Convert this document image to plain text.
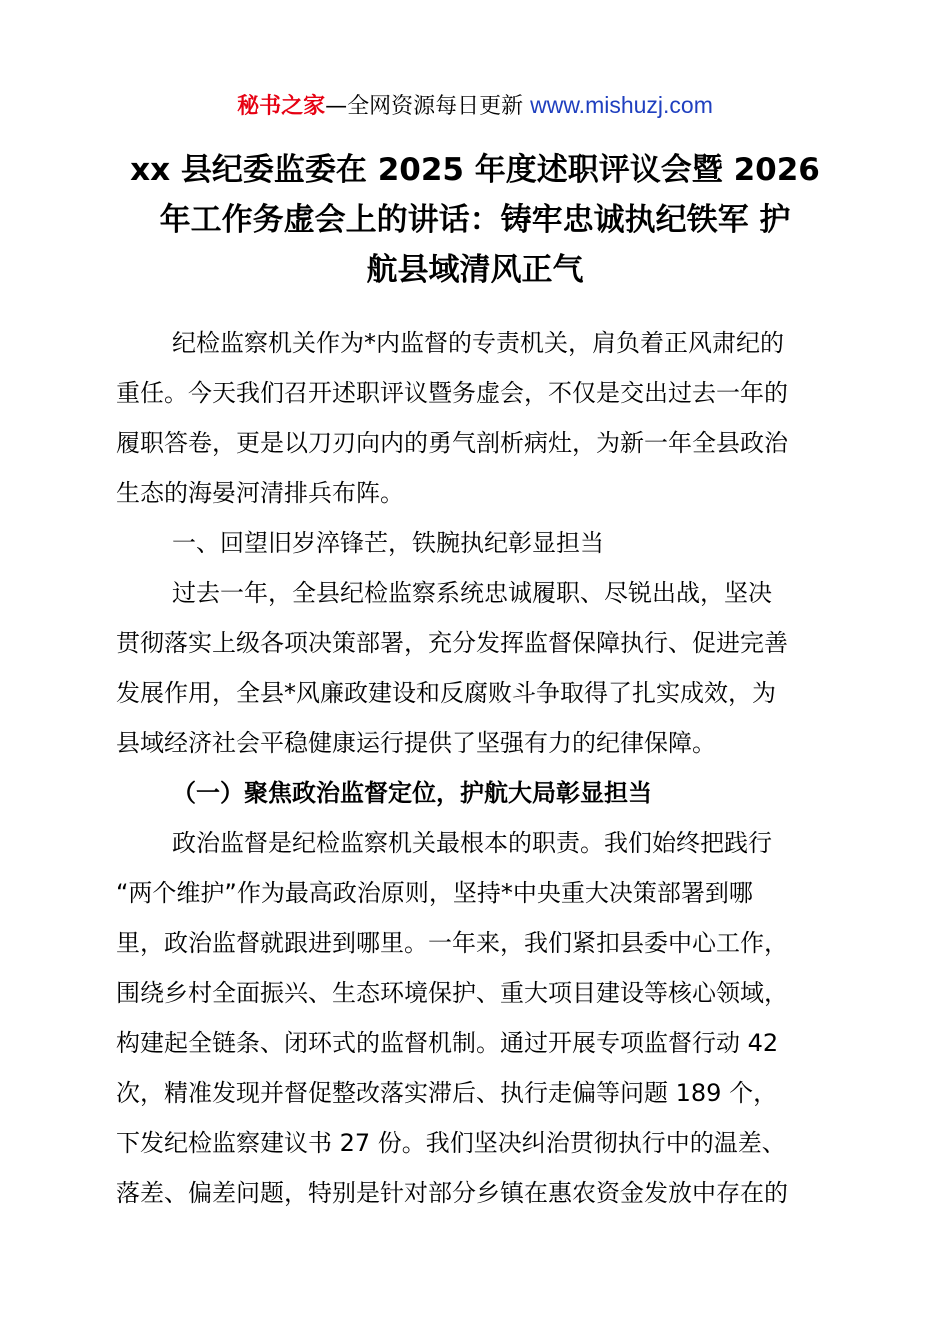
秘书之家—全网资源每日更新 www.mishuzj.com
xx 县纪委监委在 2025 年度述职评议会暨 2026
年工作务虚会上的讲话：铸牢忠诚执纪铁军 护
航县域清风正气

纪检监察机关作为*内监督的专责机关，肩负着正风肃纪的
重任。今天我们召开述职评议暨务虚会，不仅是交出过去一年的
履职答卷，更是以刀刃向内的勇气剖析病灶，为新一年全县政治
生态的海晏河清排兵布阵。

一、回望旧岁淬锋芒，铁腕执纪彰显担当

过去一年，全县纪检监察系统忠诚履职、尽锐出战，坚决
贯彻落实上级各项决策部署，充分发挥监督保障执行、促进完善
发展作用，全县*风廉政建设和反腐败斗争取得了扎实成效，为
县域经济社会平稳健康运行提供了坚强有力的纪律保障。

（一）聚焦政治监督定位，护航大局彰显担当

政治监督是纪检监察机关最根本的职责。我们始终把践行
“两个维护”作为最高政治原则，坚持*中央重大决策部署到哪
里，政治监督就跟进到哪里。一年来，我们紧扣县委中心工作，
围绕乡村全面振兴、生态环境保护、重大项目建设等核心领域，
构建起全链条、闭环式的监督机制。通过开展专项监督行动 42
次，精准发现并督促整改落实滞后、执行走偏等问题 189 个，
下发纪检监察建议书 27 份。我们坚决纠治贯彻执行中的温差、
落差、偏差问题，特别是针对部分乡镇在惠农资金发放中存在的
